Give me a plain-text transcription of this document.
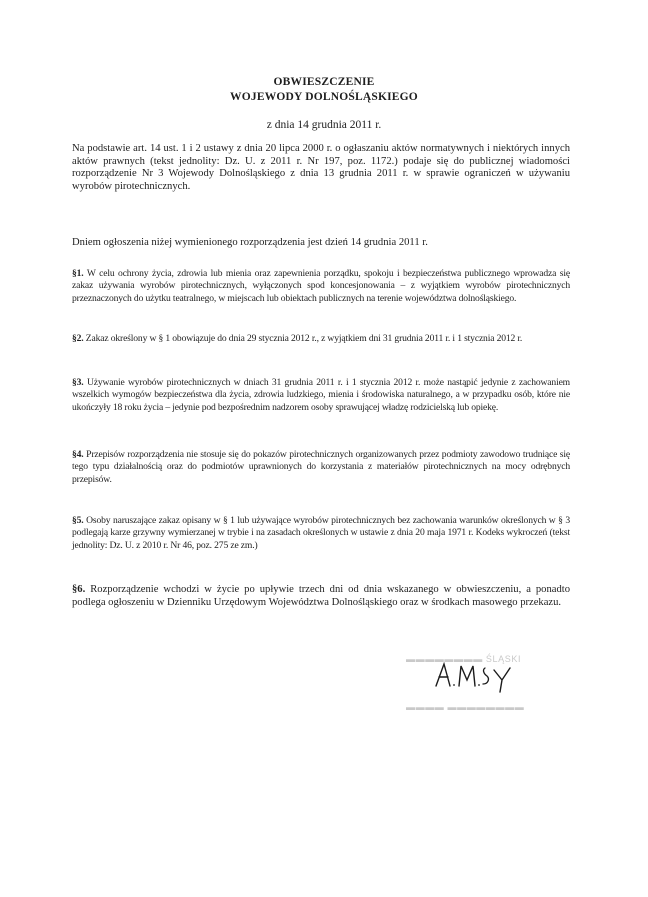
OBWIESZCZENIE
WOJEWODY DOLNOŚLĄSKIEGO
z dnia 14 grudnia 2011 r.
Na podstawie art. 14 ust. 1 i 2 ustawy z dnia 20 lipca 2000 r. o ogłaszaniu aktów normatywnych i niektórych innych aktów prawnych (tekst jednolity: Dz. U. z 2011 r. Nr 197, poz. 1172.) podaje się do publicznej wiadomości rozporządzenie Nr 3 Wojewody Dolnośląskiego z dnia 13 grudnia 2011 r. w sprawie ograniczeń w używaniu wyrobów pirotechnicznych.
Dniem ogłoszenia niżej wymienionego rozporządzenia jest dzień 14 grudnia 2011 r.
§1. W celu ochrony życia, zdrowia lub mienia oraz zapewnienia porządku, spokoju i bezpieczeństwa publicznego wprowadza się zakaz używania wyrobów pirotechnicznych, wyłączonych spod koncesjonowania – z wyjątkiem wyrobów pirotechnicznych przeznaczonych do użytku teatralnego, w miejscach lub obiektach publicznych na terenie województwa dolnośląskiego.
§2. Zakaz określony w § 1 obowiązuje do dnia 29 stycznia 2012 r., z wyjątkiem dni 31 grudnia 2011 r. i 1 stycznia 2012 r.
§3. Używanie wyrobów pirotechnicznych w dniach 31 grudnia 2011 r. i 1 stycznia 2012 r. może nastąpić jedynie z zachowaniem wszelkich wymogów bezpieczeństwa dla życia, zdrowia ludzkiego, mienia i środowiska naturalnego, a w przypadku osób, które nie ukończyły 18 roku życia – jedynie pod bezpośrednim nadzorem osoby sprawującej władzę rodzicielską lub opiekę.
§4. Przepisów rozporządzenia nie stosuje się do pokazów pirotechnicznych organizowanych przez podmioty zawodowo trudniące się tego typu działalnością oraz do podmiotów uprawnionych do korzystania z materiałów pirotechnicznych na mocy odrębnych przepisów.
§5. Osoby naruszające zakaz opisany w § 1 lub używające wyrobów pirotechnicznych bez zachowania warunków określonych w § 3 podlegają karze grzywny wymierzanej w trybie i na zasadach określonych w ustawie z dnia 20 maja 1971 r. Kodeks wykroczeń (tekst jednolity: Dz. U. z 2010 r. Nr 46, poz. 275 ze zm.)
§6. Rozporządzenie wchodzi w życie po upływie trzech dni od dnia wskazanego w obwieszczeniu, a ponadto podlega ogłoszeniu w Dzienniku Urzędowym Województwa Dolnośląskiego oraz w środkach masowego przekazu.
▬▬▬▬▬▬▬▬ ŚLĄSKI
▬▬▬▬ ▬▬▬▬▬▬▬▬
